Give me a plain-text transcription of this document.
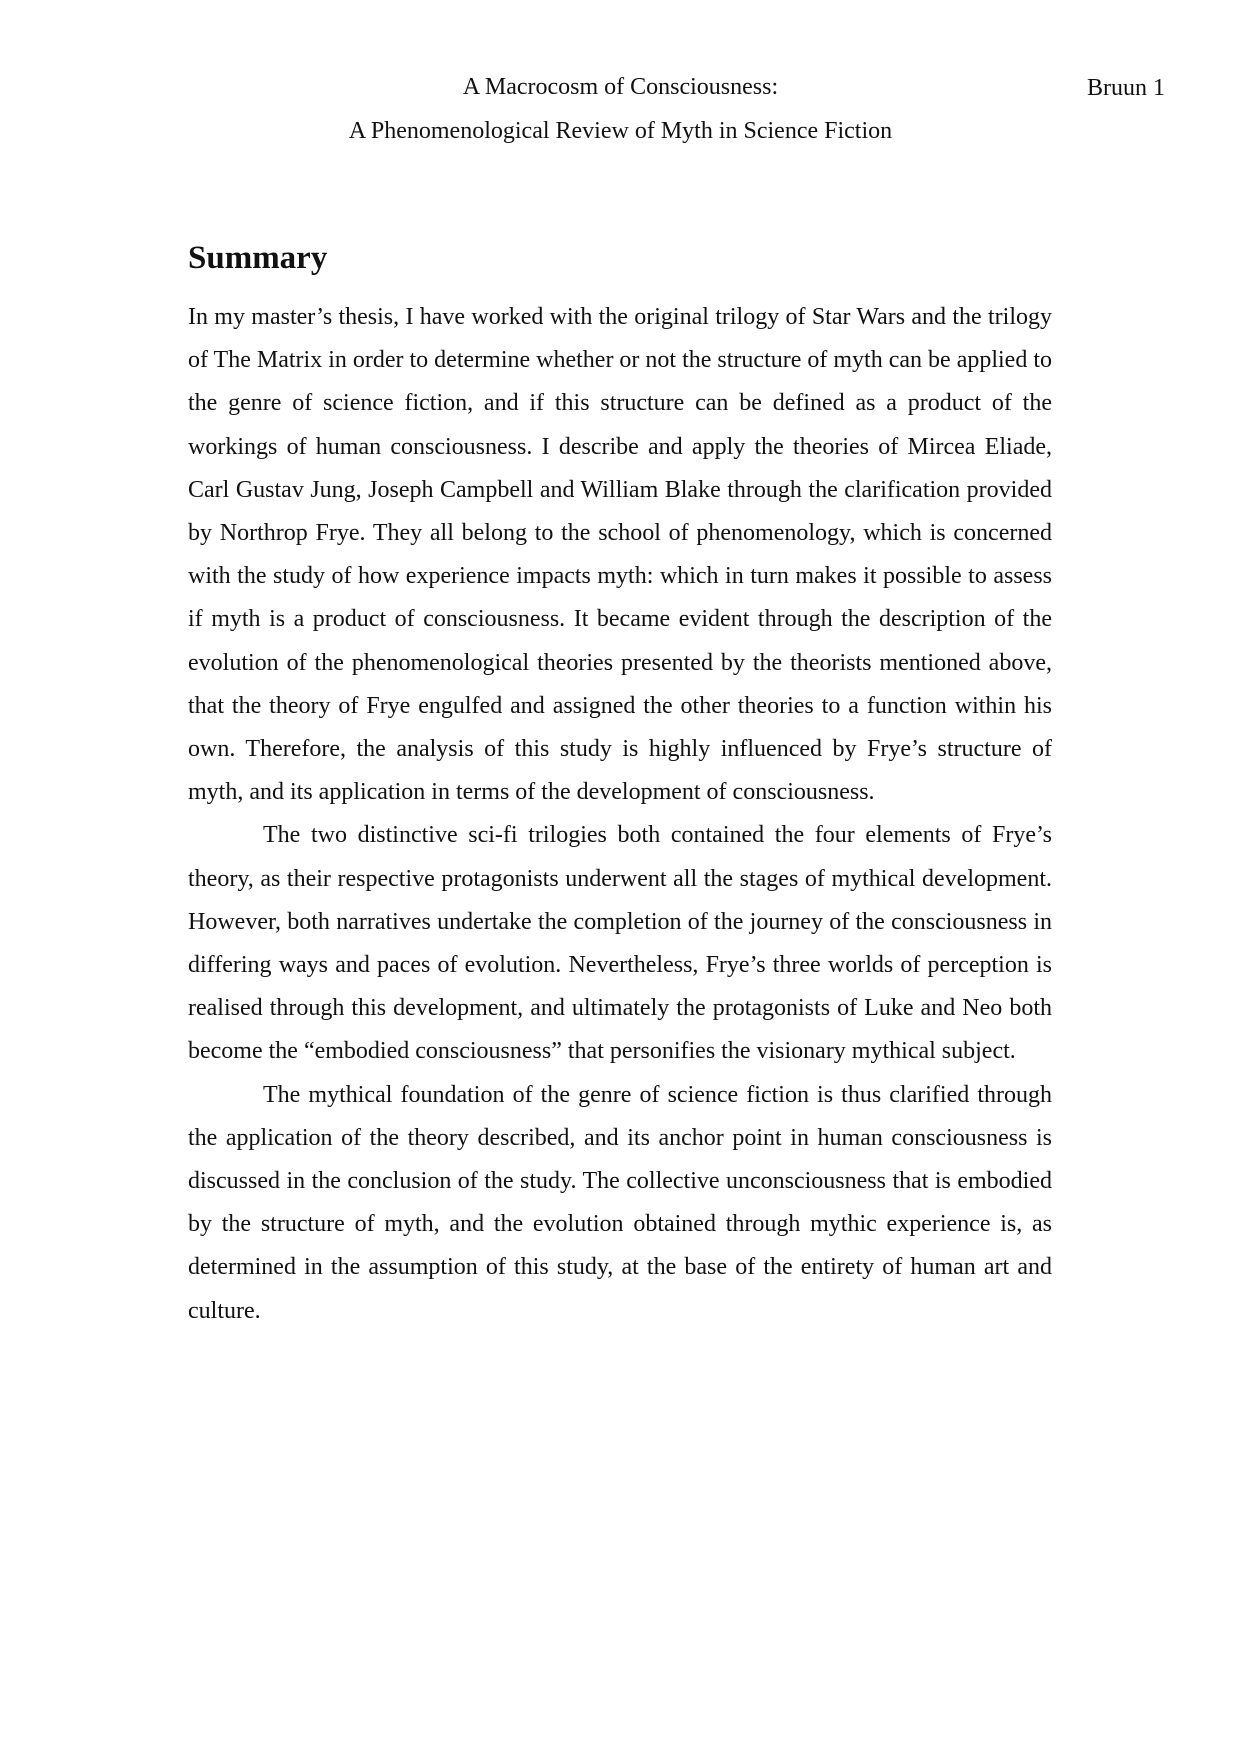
A Macrocosm of Consciousness:
A Phenomenological Review of Myth in Science Fiction
Bruun 1
Summary

In my master’s thesis, I have worked with the original trilogy of Star Wars and the trilogy of The Matrix in order to determine whether or not the structure of myth can be applied to the genre of science fiction, and if this structure can be defined as a product of the workings of human consciousness. I describe and apply the theories of Mircea Eliade, Carl Gustav Jung, Joseph Campbell and William Blake through the clarification provided by Northrop Frye. They all belong to the school of phenomenology, which is concerned with the study of how experience impacts myth: which in turn makes it possible to assess if myth is a product of consciousness. It became evident through the description of the evolution of the phenomenological theories presented by the theorists mentioned above, that the theory of Frye engulfed and assigned the other theories to a function within his own. Therefore, the analysis of this study is highly influenced by Frye’s structure of myth, and its application in terms of the development of consciousness.

The two distinctive sci-fi trilogies both contained the four elements of Frye’s theory, as their respective protagonists underwent all the stages of mythical development. However, both narratives undertake the completion of the journey of the consciousness in differing ways and paces of evolution. Nevertheless, Frye’s three worlds of perception is realised through this development, and ultimately the protagonists of Luke and Neo both become the “embodied consciousness” that personifies the visionary mythical subject.

The mythical foundation of the genre of science fiction is thus clarified through the application of the theory described, and its anchor point in human consciousness is discussed in the conclusion of the study. The collective unconsciousness that is embodied by the structure of myth, and the evolution obtained through mythic experience is, as determined in the assumption of this study, at the base of the entirety of human art and culture.
